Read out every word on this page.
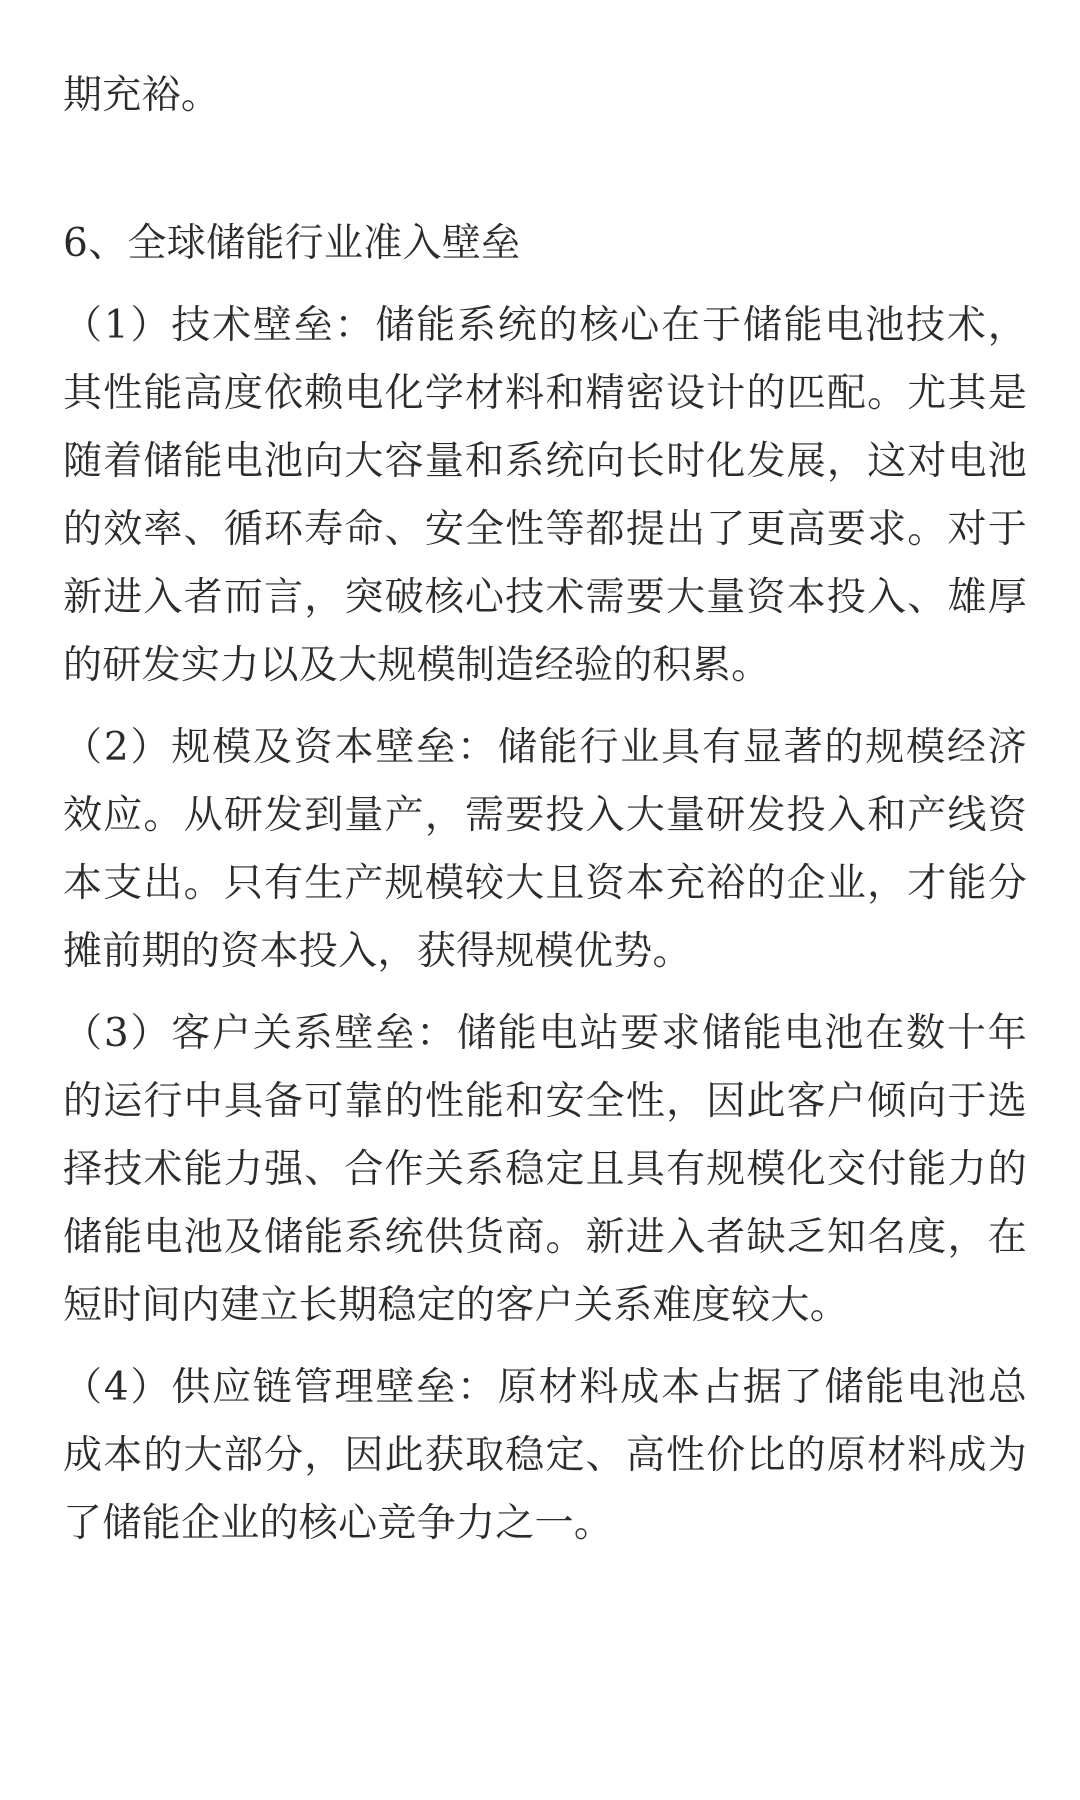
期充裕。

6、全球储能行业准入壁垒

（1）技术壁垒：储能系统的核心在于储能电池技术，其性能高度依赖电化学材料和精密设计的匹配。尤其是随着储能电池向大容量和系统向长时化发展，这对电池的效率、循环寿命、安全性等都提出了更高要求。对于新进入者而言，突破核心技术需要大量资本投入、雄厚的研发实力以及大规模制造经验的积累。

（2）规模及资本壁垒：储能行业具有显著的规模经济效应。从研发到量产，需要投入大量研发投入和产线资本支出。只有生产规模较大且资本充裕的企业，才能分摊前期的资本投入，获得规模优势。

（3）客户关系壁垒：储能电站要求储能电池在数十年的运行中具备可靠的性能和安全性，因此客户倾向于选择技术能力强、合作关系稳定且具有规模化交付能力的储能电池及储能系统供货商。新进入者缺乏知名度，在短时间内建立长期稳定的客户关系难度较大。

（4）供应链管理壁垒：原材料成本占据了储能电池总成本的大部分，因此获取稳定、高性价比的原材料成为了储能企业的核心竞争力之一。
